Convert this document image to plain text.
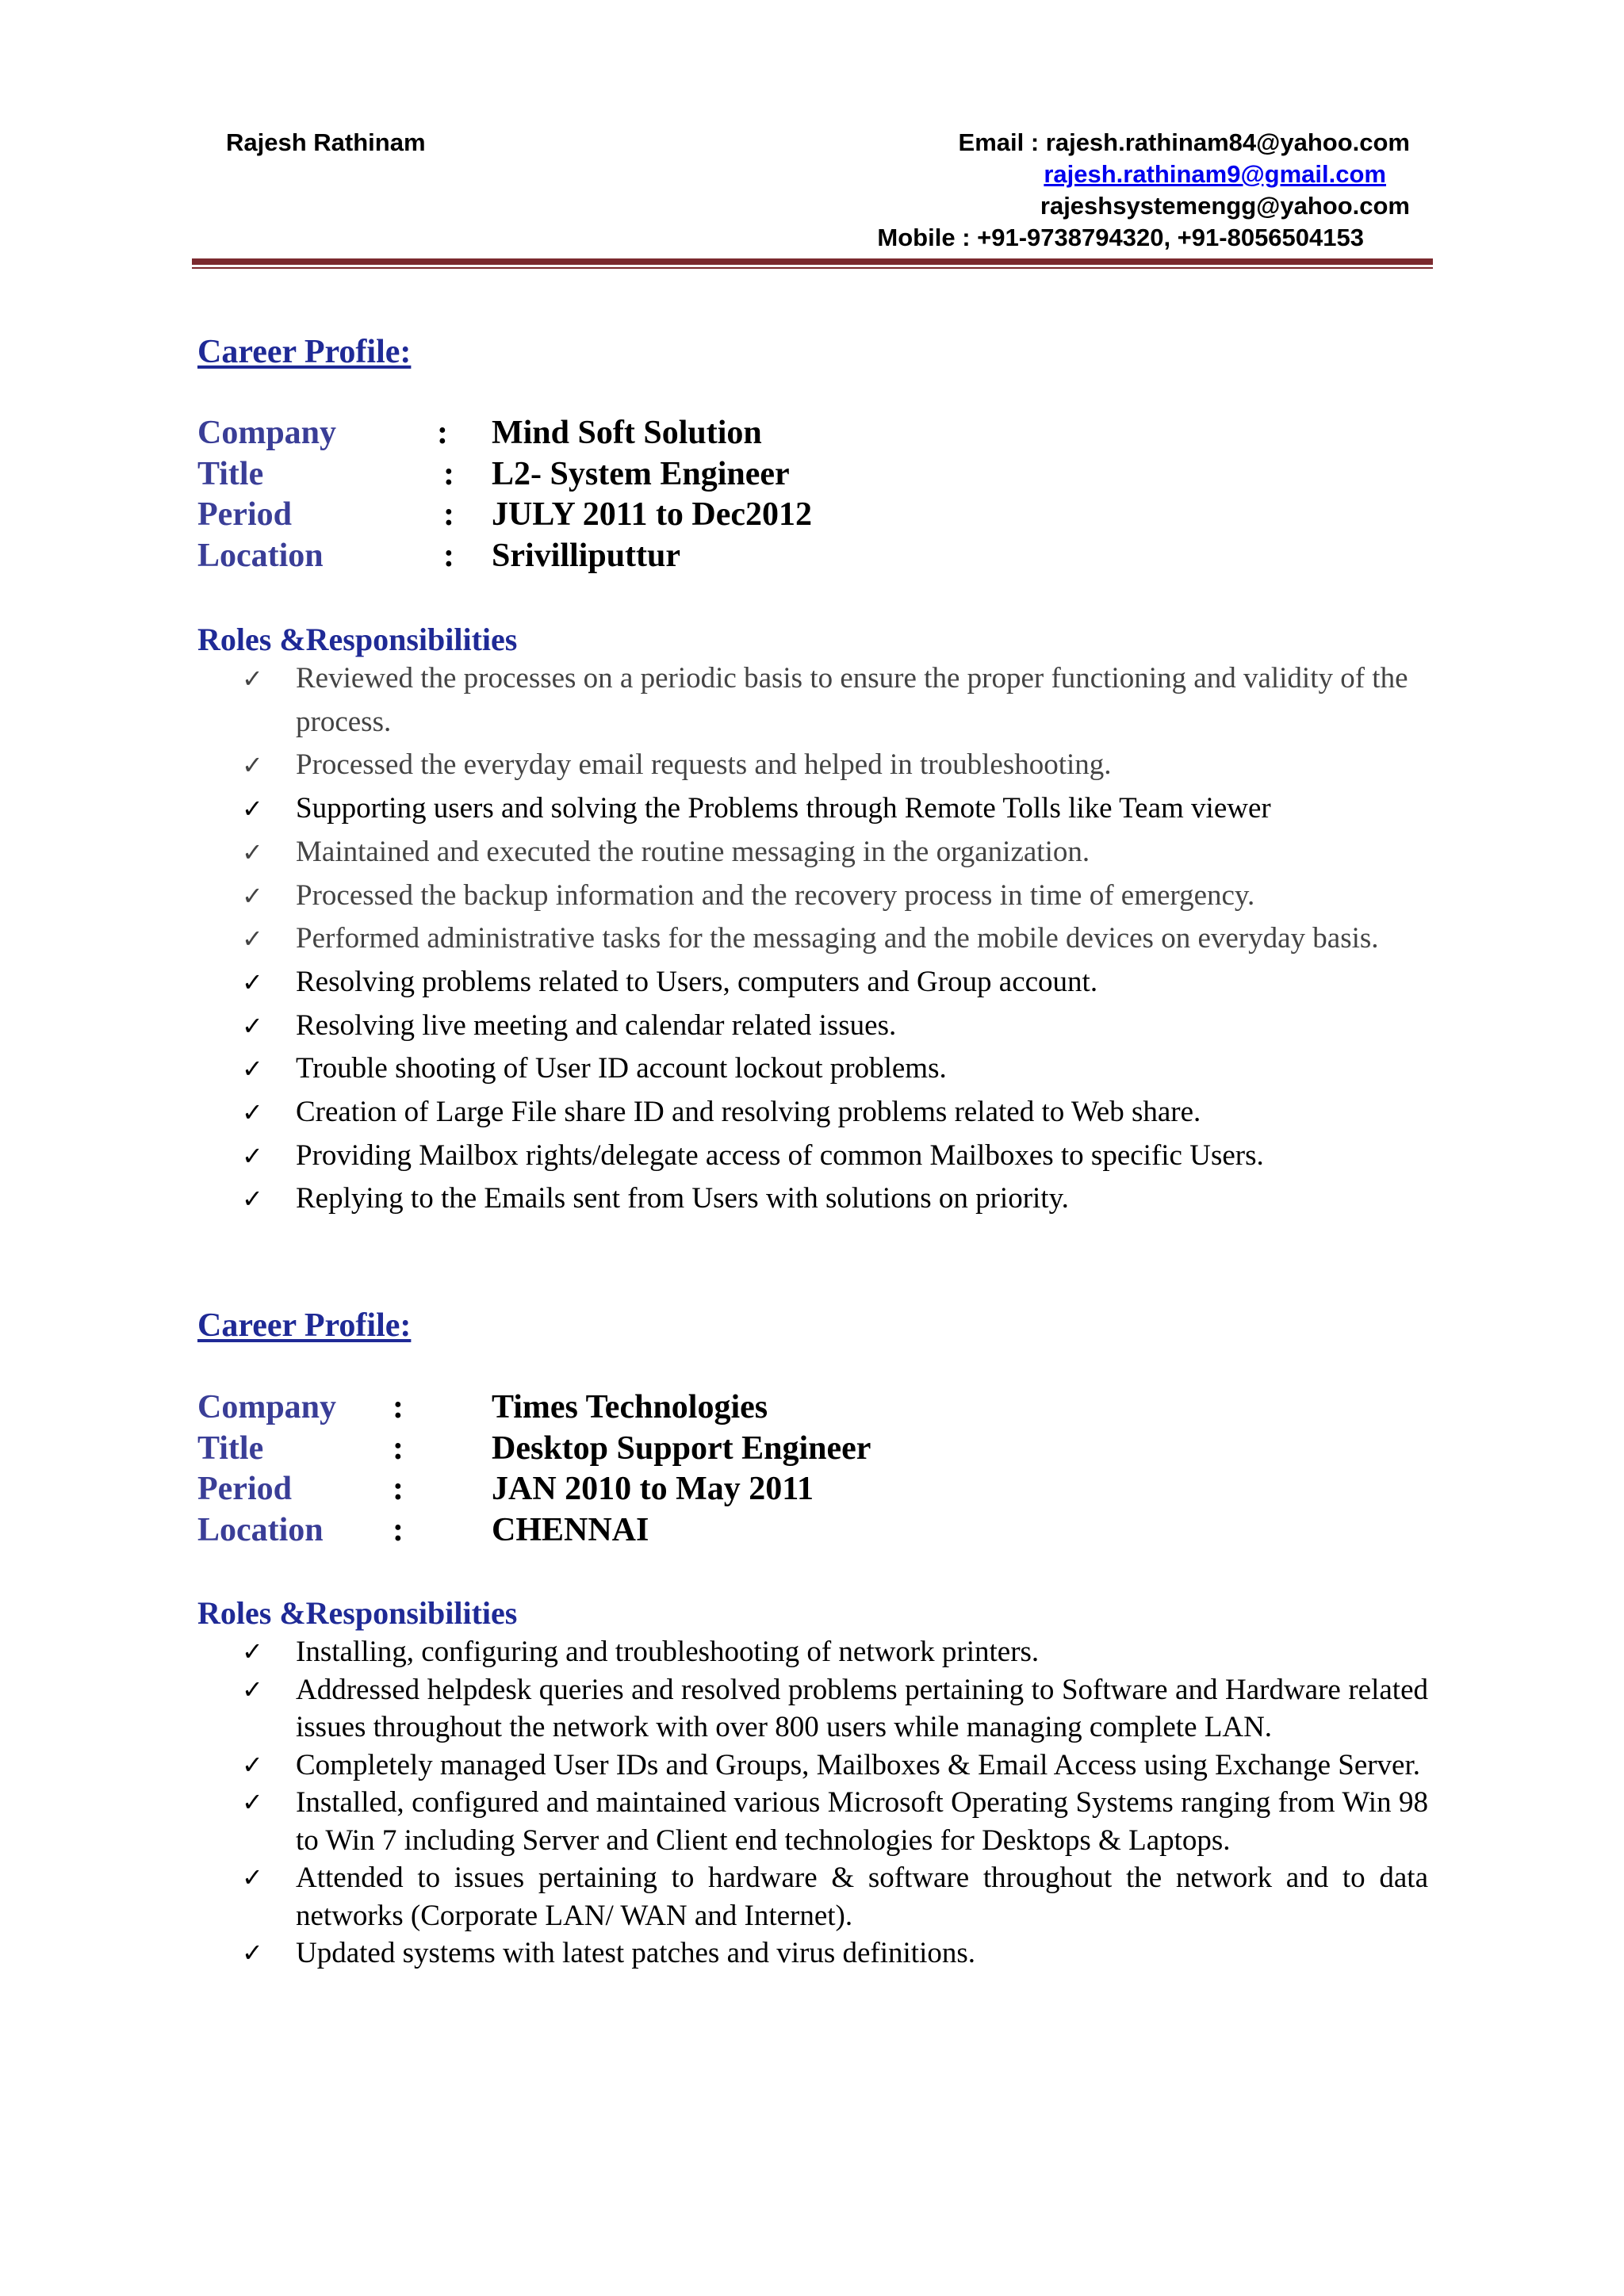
Rajesh Rathinam	Email : rajesh.rathinam84@yahoo.com
rajesh.rathinam9@gmail.com
rajeshsystemengg@yahoo.com
Mobile : +91-9738794320, +91-8056504153
Career Profile:
Company	: Mind Soft Solution
Title	: L2- System Engineer
Period	: JULY 2011 to Dec2012
Location	: Srivilliputtur
Roles &Responsibilities
✓ Reviewed the processes on a periodic basis to ensure the proper functioning and validity of the process.
✓ Processed the everyday email requests and helped in troubleshooting.
✓ Supporting users and solving the Problems through Remote Tolls like Team viewer
✓ Maintained and executed the routine messaging in the organization.
✓ Processed the backup information and the recovery process in time of emergency.
✓ Performed administrative tasks for the messaging and the mobile devices on everyday basis.
✓ Resolving problems related to Users, computers and Group account.
✓ Resolving live meeting and calendar related issues.
✓ Trouble shooting of User ID account lockout problems.
✓ Creation of Large File share ID and resolving problems related to Web share.
✓ Providing Mailbox rights/delegate access of common Mailboxes to specific Users.
✓ Replying to the Emails sent from Users with solutions on priority.
Career Profile:
Company :	Times Technologies
Title	:	Desktop Support Engineer
Period	:	JAN 2010 to May 2011
Location :	CHENNAI
Roles &Responsibilities
✓ Installing, configuring and troubleshooting of network printers.
✓ Addressed helpdesk queries and resolved problems pertaining to Software and Hardware related issues throughout the network with over 800 users while managing complete LAN.
✓ Completely managed User IDs and Groups, Mailboxes & Email Access using Exchange Server.
✓ Installed, configured and maintained various Microsoft Operating Systems ranging from Win 98 to Win 7 including Server and Client end technologies for Desktops & Laptops.
✓ Attended to issues pertaining to hardware & software throughout the network and to data networks (Corporate LAN/ WAN and Internet).
✓ Updated systems with latest patches and virus definitions.
